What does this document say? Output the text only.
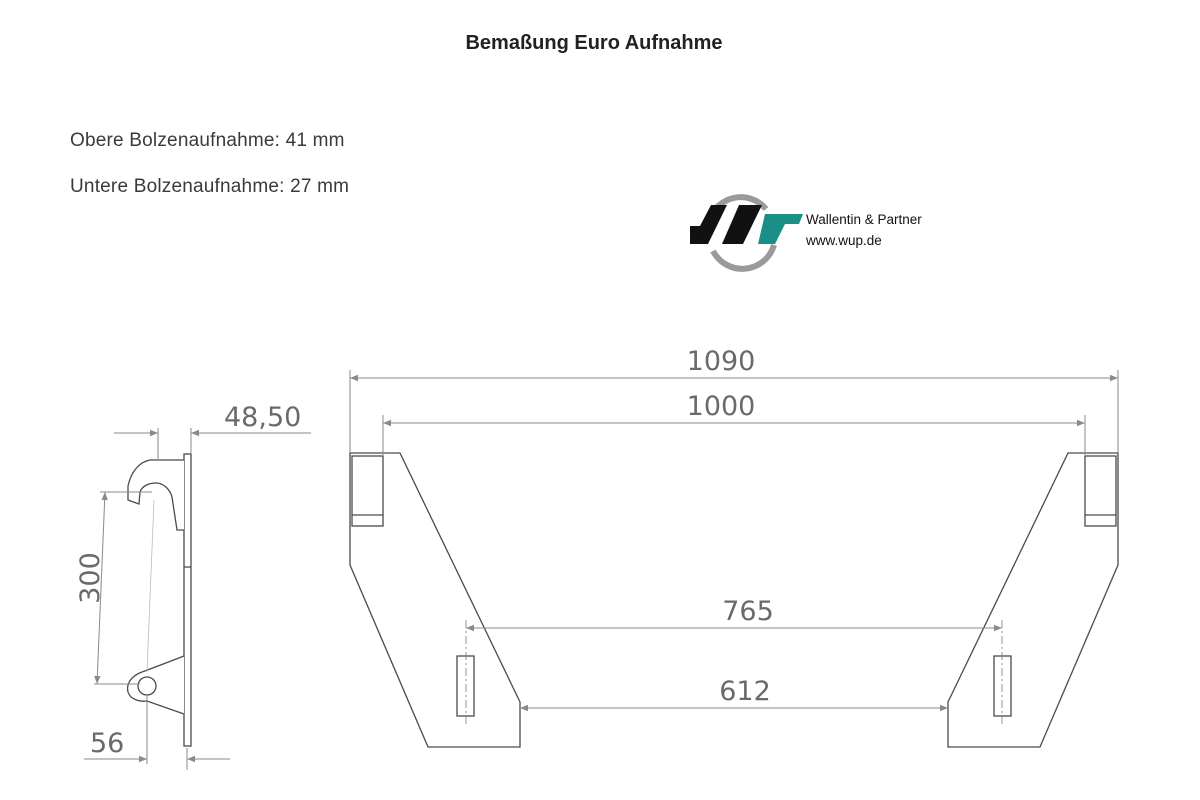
Bemaßung Euro Aufnahme
Obere Bolzenaufnahme: 41 mm
Untere Bolzenaufnahme: 27 mm
Wallentin & Partner
www.wup.de
48,50
300
56
1090
1000
765
612
